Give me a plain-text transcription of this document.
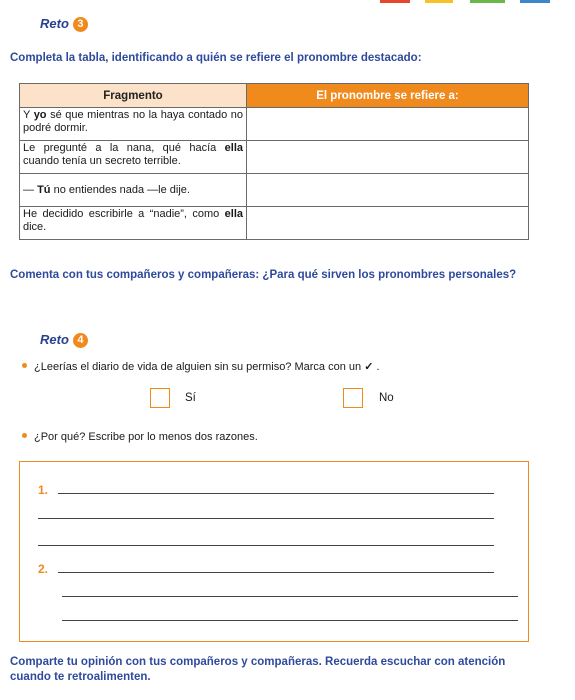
Reto 3
Completa la tabla, identificando a quién se refiere el pronombre destacado:
Fragmento	El pronombre se refiere a:
Y yo sé que mientras no la haya contado no podré dormir.	
Le pregunté a la nana, qué hacía ella cuando tenía un secreto terrible.	
— Tú no entiendes nada —le dije.	
He decidido escribirle a “nadie”, como ella dice.	
Comenta con tus compañeros y compañeras: ¿Para qué sirven los pronombres personales?
Reto 4
¿Leerías el diario de vida de alguien sin su permiso? Marca con un ✓ .
Sí	No
¿Por qué? Escribe por lo menos dos razones.
1.
2.
Comparte tu opinión con tus compañeros y compañeras. Recuerda escuchar con atención cuando te retroalimenten.
